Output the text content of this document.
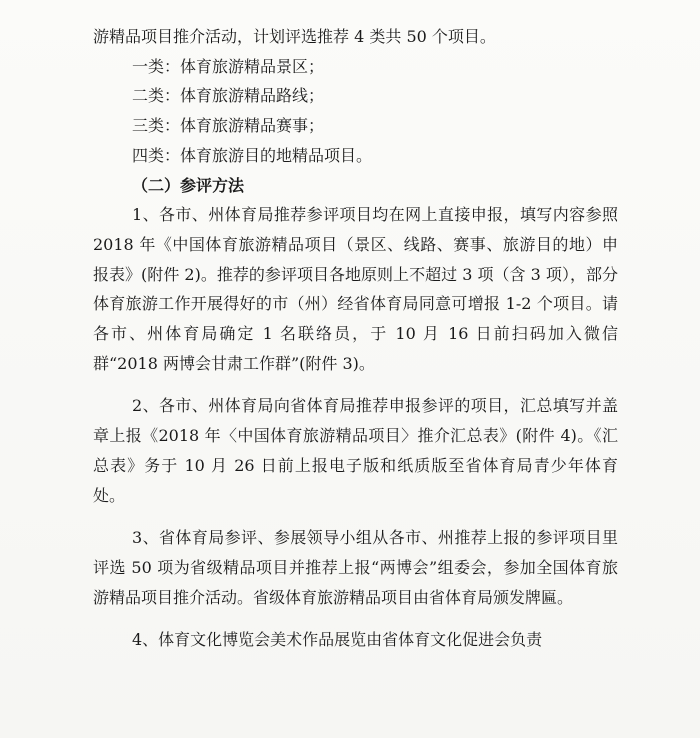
游精品项目推介活动，计划评选推荐 4 类共 50 个项目。
一类：体育旅游精品景区；
二类：体育旅游精品路线；
三类：体育旅游精品赛事；
四类：体育旅游目的地精品项目。
（二）参评方法

1、各市、州体育局推荐参评项目均在网上直接申报，填写内容参照2018 年《中国体育旅游精品项目（景区、线路、赛事、旅游目的地）申报表》(附件 2)。推荐的参评项目各地原则上不超过 3 项（含 3 项），部分体育旅游工作开展得好的市（州）经省体育局同意可增报 1-2 个项目。请各市、州体育局确定 1 名联络员，于 10 月 16 日前扫码加入微信群“2018 两博会甘肃工作群”(附件 3)。

2、各市、州体育局向省体育局推荐申报参评的项目，汇总填写并盖章上报《2018 年〈中国体育旅游精品项目〉推介汇总表》(附件 4)。《汇总表》务于 10 月 26 日前上报电子版和纸质版至省体育局青少年体育处。

3、省体育局参评、参展领导小组从各市、州推荐上报的参评项目里评选 50 项为省级精品项目并推荐上报“两博会”组委会，参加全国体育旅游精品项目推介活动。省级体育旅游精品项目由省体育局颁发牌匾。

4、体育文化博览会美术作品展览由省体育文化促进会负责
